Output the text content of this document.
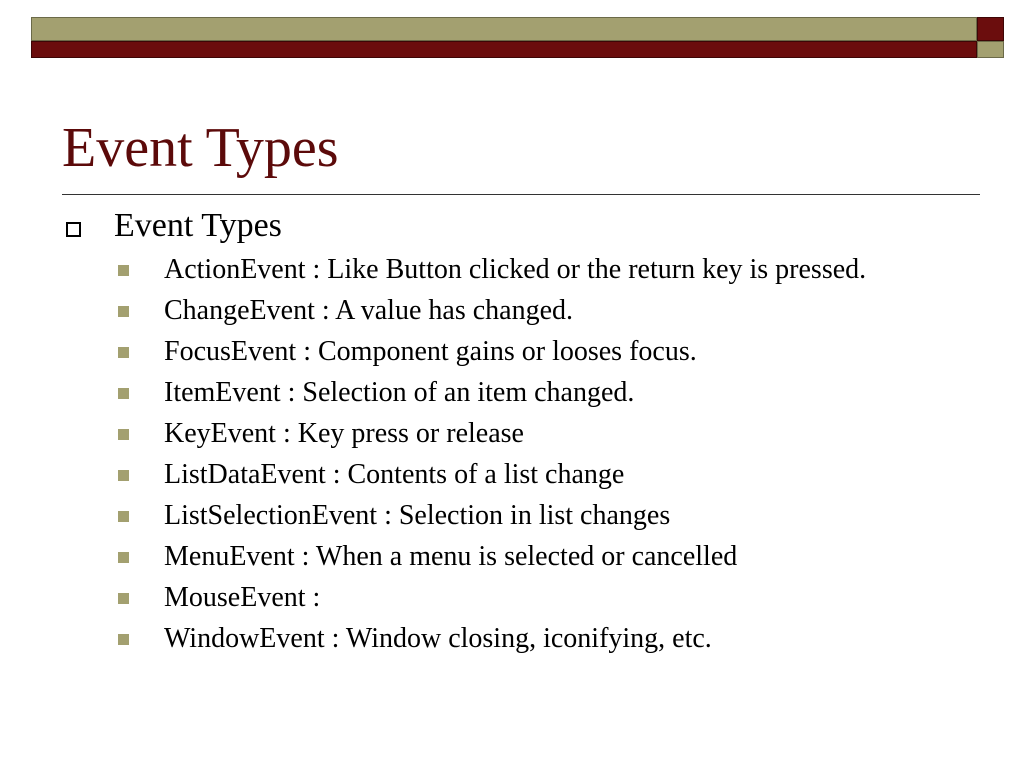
Event Types
Event Types
ActionEvent : Like Button clicked or the return key is pressed.
ChangeEvent : A value has changed.
FocusEvent : Component gains or looses focus.
ItemEvent : Selection of an item changed.
KeyEvent : Key press or release
ListDataEvent : Contents of a list change
ListSelectionEvent : Selection in list changes
MenuEvent : When a menu is selected or cancelled
MouseEvent :
WindowEvent : Window closing, iconifying, etc.
